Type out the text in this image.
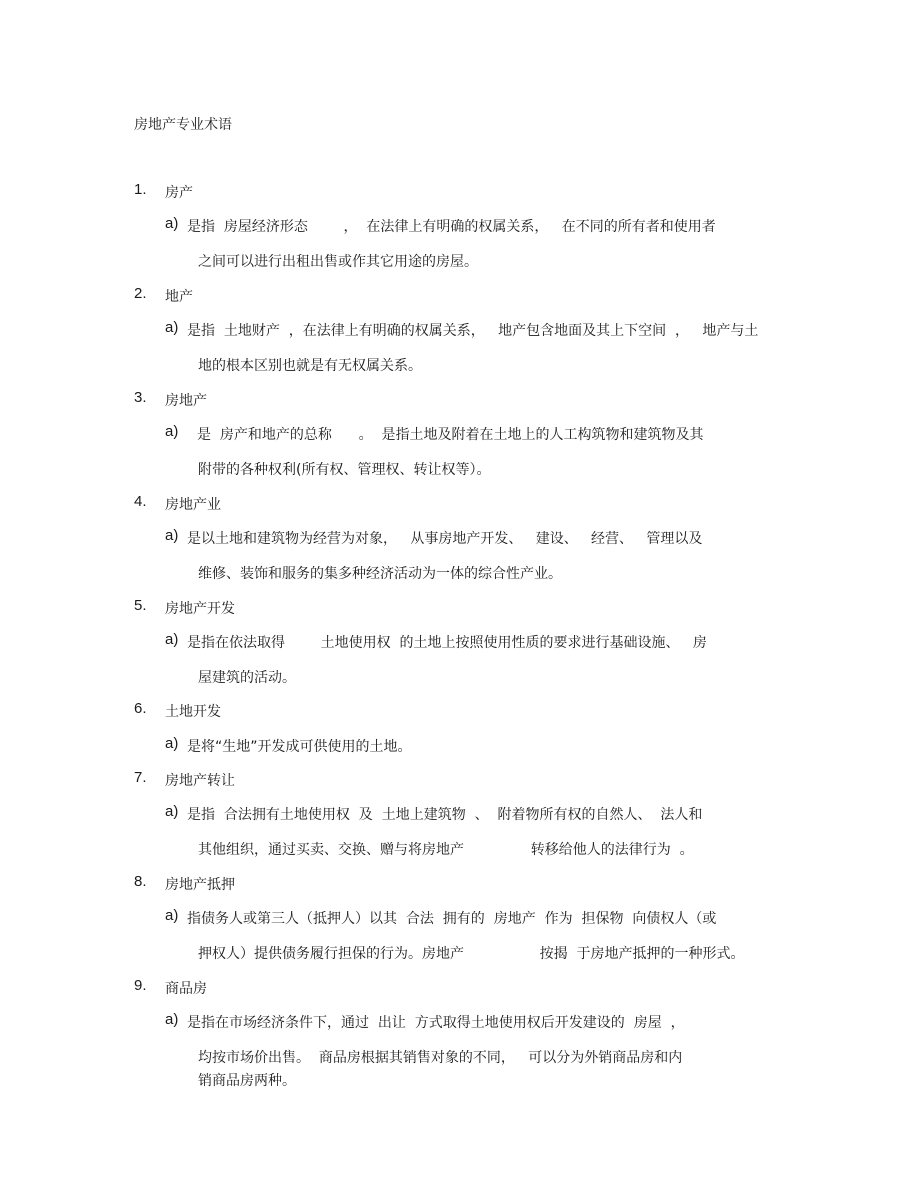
房地产专业术语
1. 房产
a) 是指  房屋经济形态        ，  在法律上有明确的权属关系，   在不同的所有者和使用者
之间可以进行出租出售或作其它用途的房屋。
2. 地产
a) 是指  土地财产  ，在法律上有明确的权属关系，   地产包含地面及其上下空间  ，   地产与土
地的根本区别也就是有无权属关系。
3. 房地产
a) 是  房产和地产的总称      。  是指土地及附着在土地上的人工构筑物和建筑物及其
附带的各种权利(所有权、管理权、转让权等）。
4. 房地产业
a) 是以土地和建筑物为经营为对象，   从事房地产开发、   建设、   经营、   管理以及
维修、装饰和服务的集多种经济活动为一体的综合性产业。
5. 房地产开发
a) 是指在依法取得        土地使用权  的土地上按照使用性质的要求进行基础设施、   房
屋建筑的活动。
6. 土地开发
a) 是将“生地”开发成可供使用的土地。
7. 房地产转让
a) 是指  合法拥有土地使用权  及  土地上建筑物  、  附着物所有权的自然人、  法人和
其他组织，通过买卖、交换、赠与将房地产               转移给他人的法律行为  。
8. 房地产抵押
a) 指债务人或第三人（抵押人）以其  合法  拥有的  房地产  作为  担保物  向债权人（或
押权人）提供债务履行担保的行为。房地产                 按揭  于房地产抵押的一种形式。
9. 商品房
a) 是指在市场经济条件下，通过  出让  方式取得土地使用权后开发建设的  房屋  ，
均按市场价出售。  商品房根据其销售对象的不同，   可以分为外销商品房和内
销商品房两种。
